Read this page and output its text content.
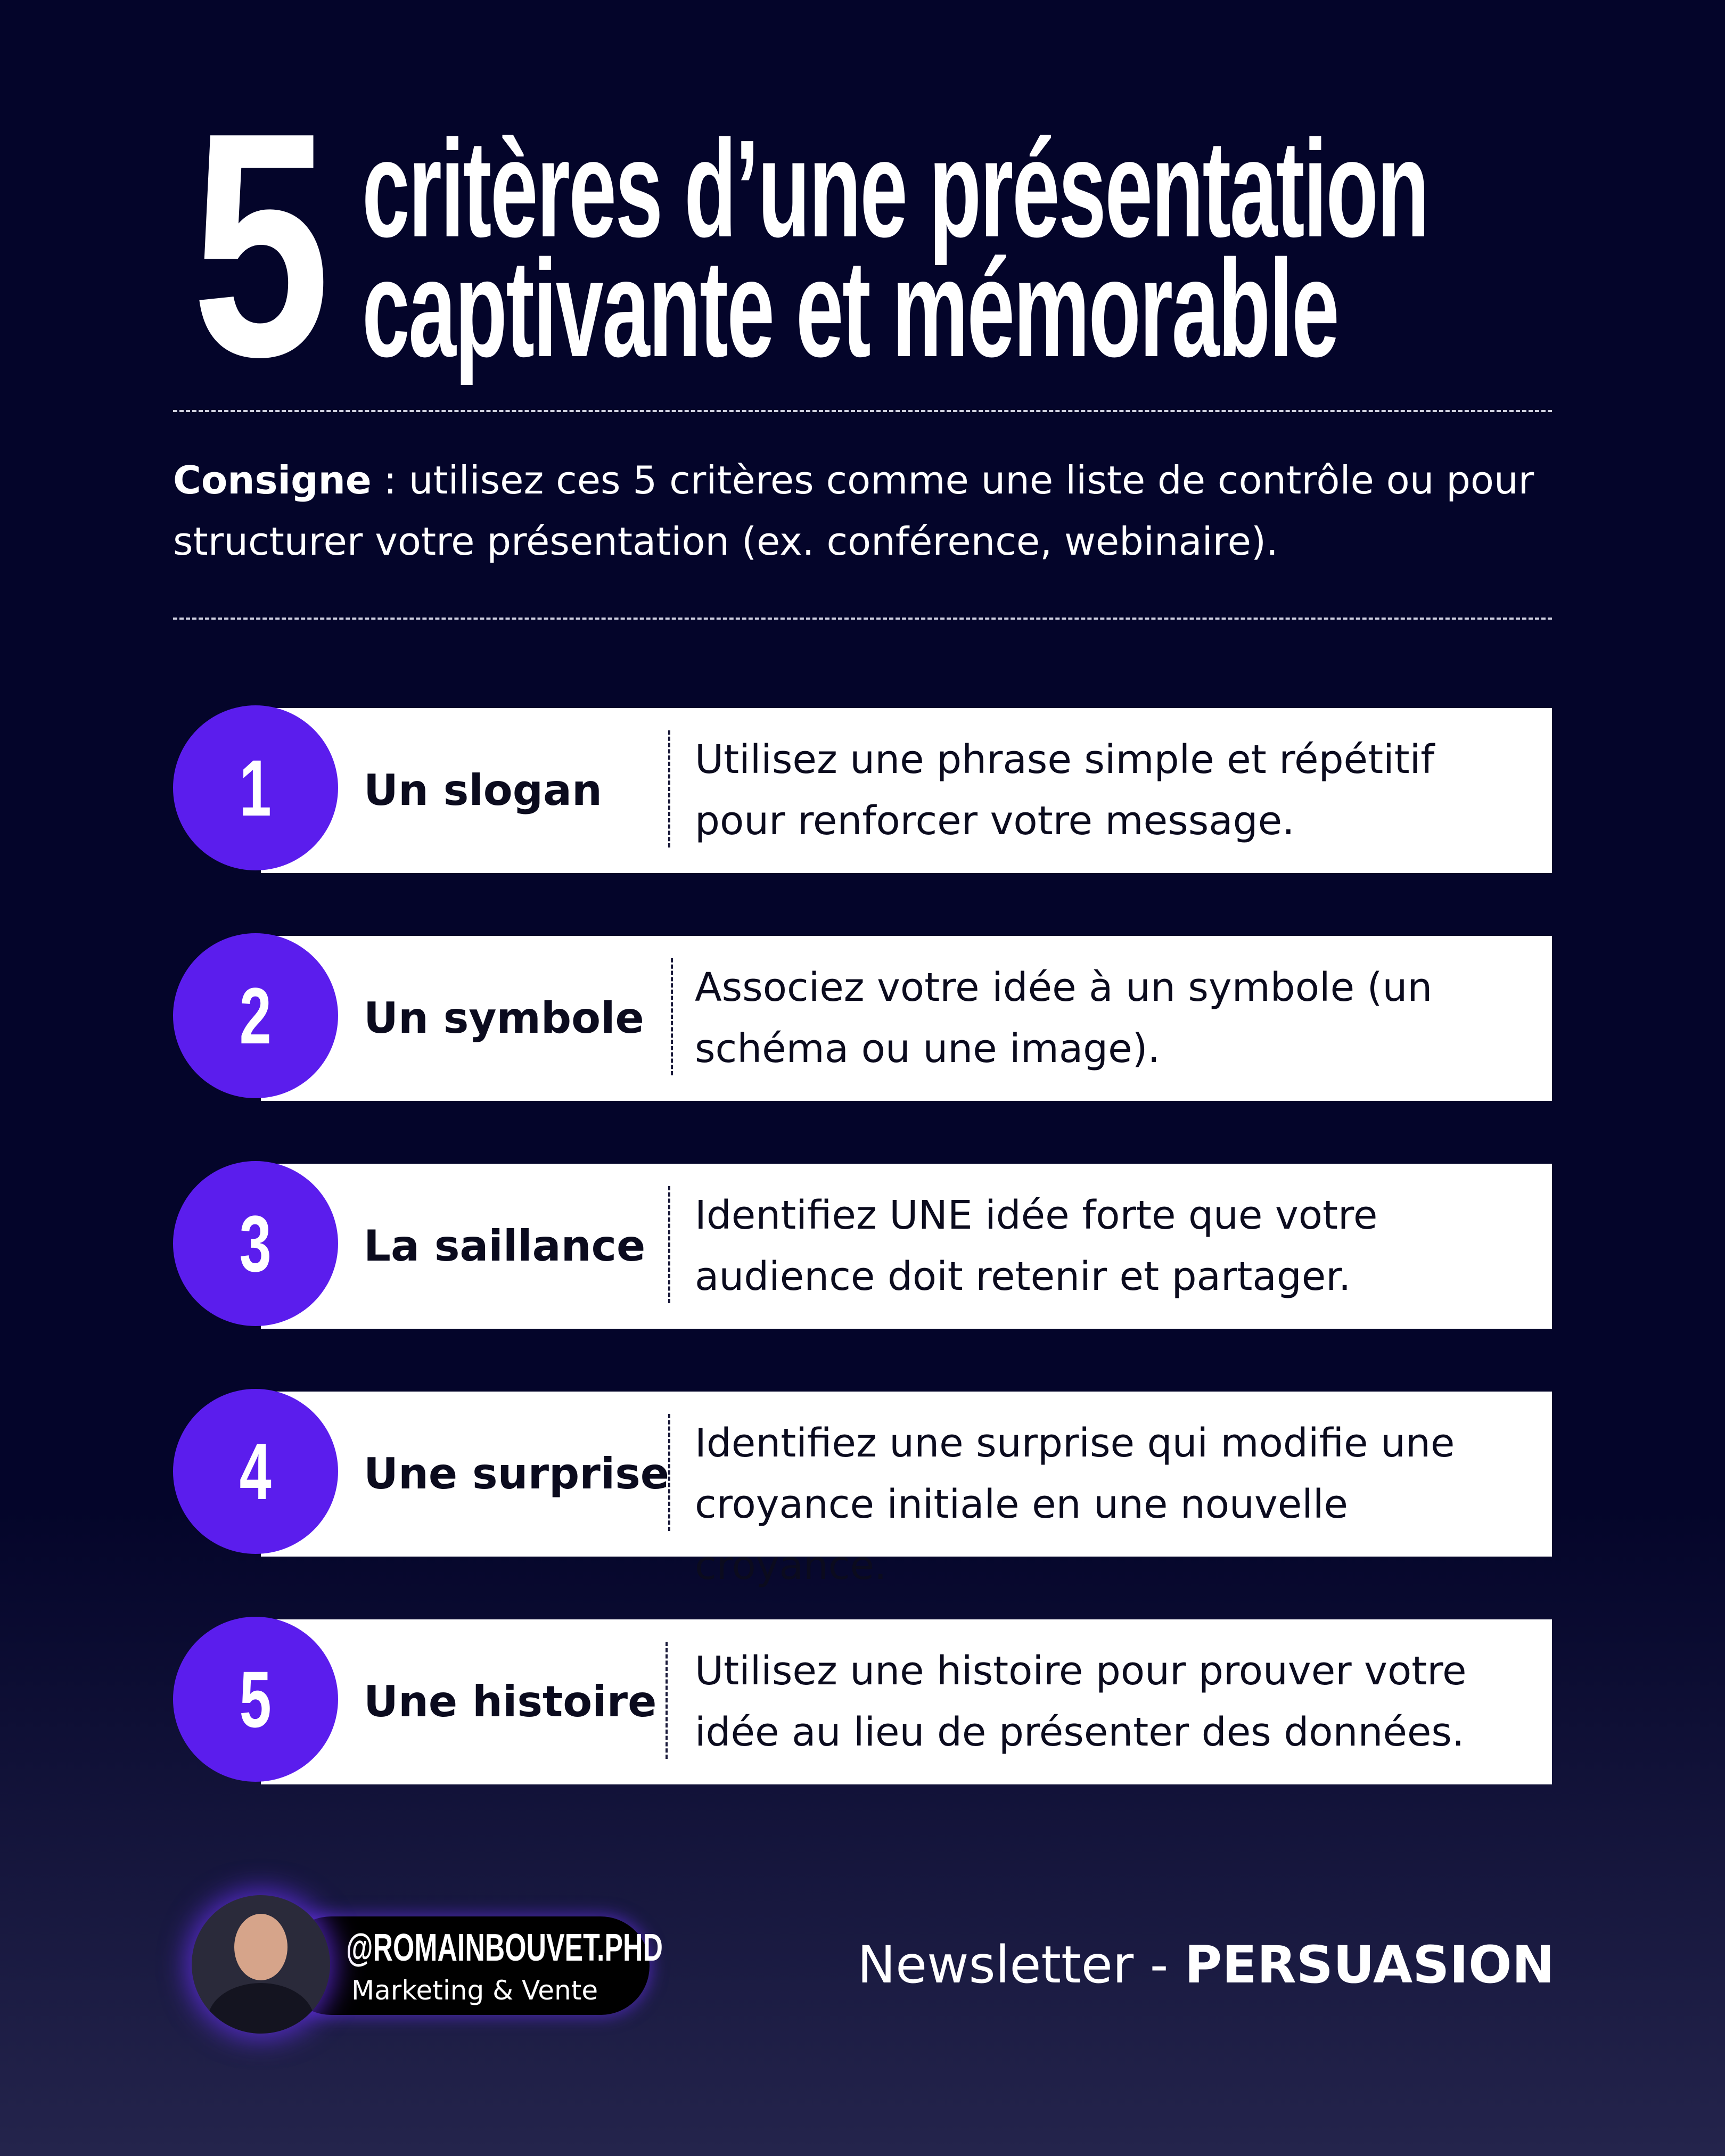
5 critères d’une présentation
captivante et mémorable
Consigne : utilisez ces 5 critères comme une liste de contrôle ou pour structurer votre présentation (ex. conférence, webinaire).
1 Un slogan
Utilisez une phrase simple et répétitif pour renforcer votre message.
2 Un symbole
Associez votre idée à un symbole (un schéma ou une image).
3 La saillance
Identifiez UNE idée forte que votre audience doit retenir et partager.
4 Une surprise
Identifiez une surprise qui modifie une croyance initiale en une nouvelle croyance.
5 Une histoire
Utilisez une histoire pour prouver votre idée au lieu de présenter des données.
@ROMAINBOUVET.PHD
Marketing & Vente	Newsletter - PERSUASION
